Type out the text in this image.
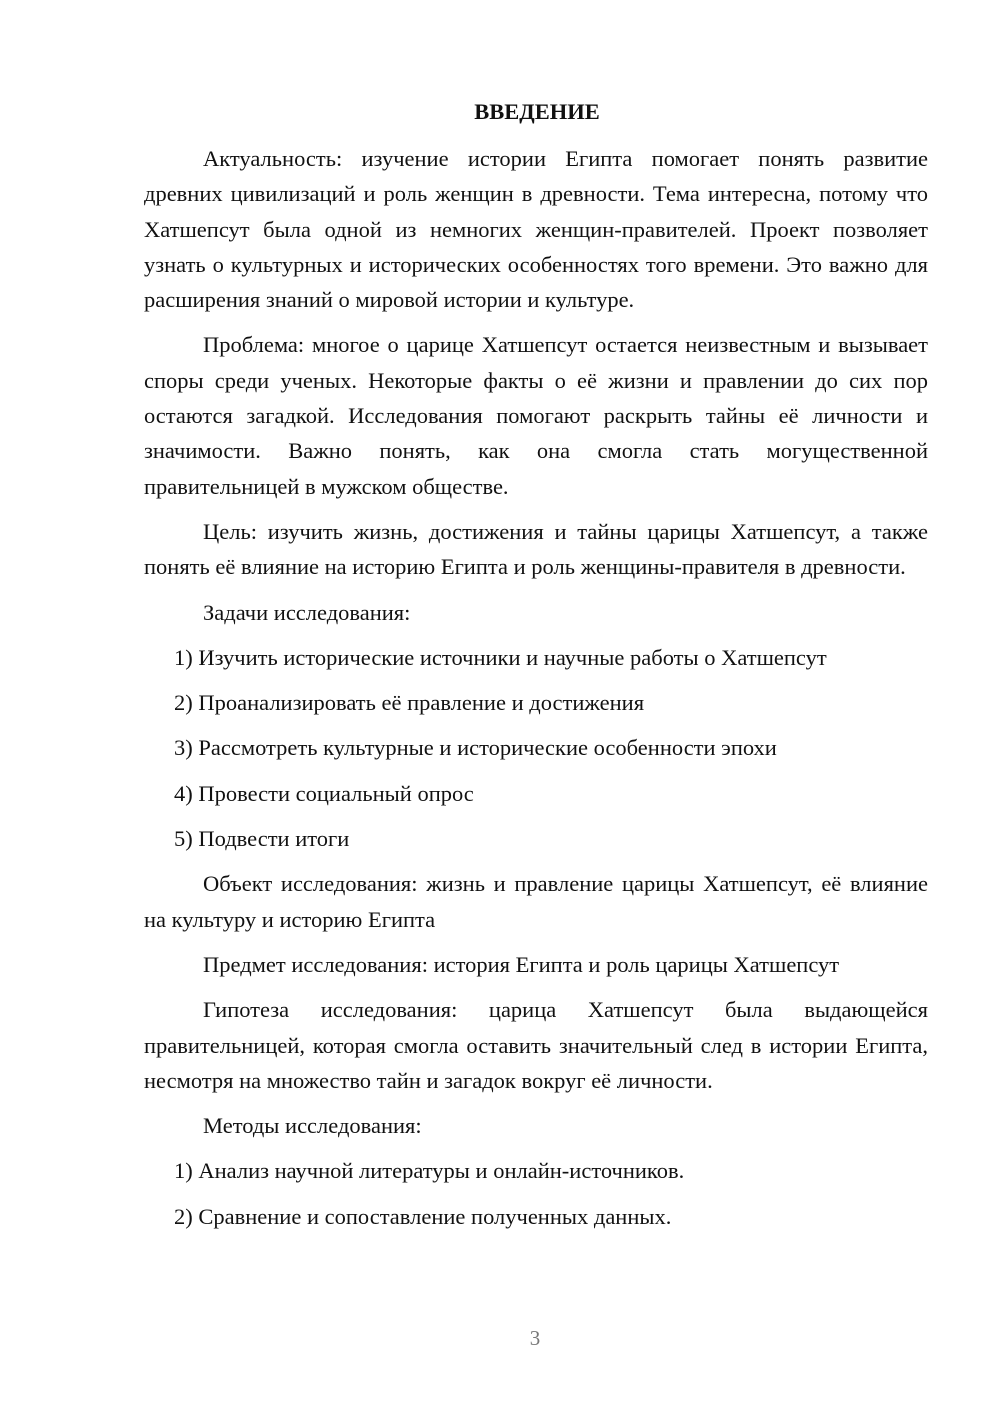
ВВЕДЕНИЕ

Актуальность: изучение истории Египта помогает понять развитие древних цивилизаций и роль женщин в древности. Тема интересна, потому что Хатшепсут была одной из немногих женщин-правителей. Проект позволяет узнать о культурных и исторических особенностях того времени. Это важно для расширения знаний о мировой истории и культуре.

Проблема: многое о царице Хатшепсут остается неизвестным и вызывает споры среди ученых. Некоторые факты о её жизни и правлении до сих пор остаются загадкой. Исследования помогают раскрыть тайны её личности и значимости. Важно понять, как она смогла стать могущественной правительницей в мужском обществе.

Цель: изучить жизнь, достижения и тайны царицы Хатшепсут, а также понять её влияние на историю Египта и роль женщины-правителя в древности.

Задачи исследования:
1) Изучить исторические источники и научные работы о Хатшепсут
2) Проанализировать её правление и достижения
3) Рассмотреть культурные и исторические особенности эпохи
4) Провести социальный опрос
5) Подвести итоги

Объект исследования: жизнь и правление царицы Хатшепсут, её влияние на культуру и историю Египта

Предмет исследования: история Египта и роль царицы Хатшепсут

Гипотеза исследования: царица Хатшепсут была выдающейся правительницей, которая смогла оставить значительный след в истории Египта, несмотря на множество тайн и загадок вокруг её личности.

Методы исследования:
1) Анализ научной литературы и онлайн-источников.
2) Сравнение и сопоставление полученных данных.
3
